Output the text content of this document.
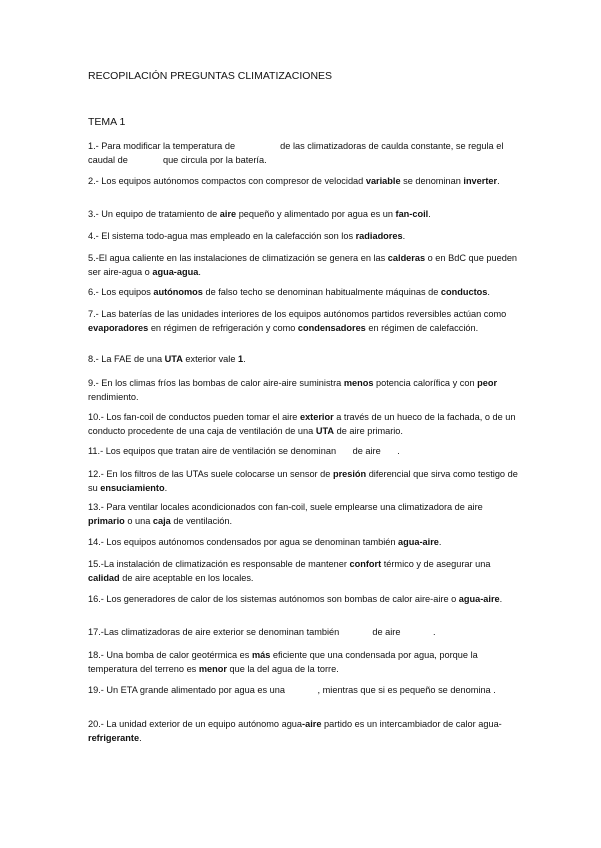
RECOPILACIÓN PREGUNTAS CLIMATIZACIONES
TEMA 1

1.- Para modificar la temperatura de	de las climatizadoras de caulda constante, se regula el caudal de	que circula por la batería.

2.- Los equipos autónomos compactos con compresor de velocidad variable se denominan inverter.

3.- Un equipo de tratamiento de aire pequeño y alimentado por agua es un fan-coil.

4.- El sistema todo-agua mas empleado en la calefacción son los radiadores.

5.-El agua caliente en las instalaciones de climatización se genera en las calderas o en BdC que pueden ser aire-agua o agua-agua.

6.- Los equipos autónomos de falso techo se denominan habitualmente máquinas de conductos.

7.- Las baterías de las unidades interiores de los equipos autónomos partidos reversibles actúan como evaporadores en régimen de refrigeración y como condensadores en régimen de calefacción.

8.- La FAE de una UTA exterior vale 1.

9.- En los climas fríos las bombas de calor aire-aire suministra menos potencia calorífica y con peor rendimiento.

10.- Los fan-coil de conductos pueden tomar el aire exterior a través de un hueco de la fachada, o de un conducto procedente de una caja de ventilación de una UTA de aire primario.

11.- Los equipos que tratan aire de ventilación se denominan de aire .

12.- En los filtros de las UTAs suele colocarse un sensor de presión diferencial que sirva como testigo de su ensuciamiento.

13.- Para ventilar locales acondicionados con fan-coil, suele emplearse una climatizadora de aire primario o una caja de ventilación.

14.- Los equipos autónomos condensados por agua se denominan también agua-aire.

15.-La instalación de climatización es responsable de mantener confort térmico y de asegurar una calidad de aire aceptable en los locales.

16.- Los generadores de calor de los sistemas autónomos son bombas de calor aire-aire o agua-aire.

17.-Las climatizadoras de aire exterior se denominan también	de aire	.

18.- Una bomba de calor geotérmica es más eficiente que una condensada por agua, porque la temperatura del terreno es menor que la del agua de la torre.

19.- Un ETA grande alimentado por agua es una	, mientras que si es pequeño se denomina .

20.- La unidad exterior de un equipo autónomo agua-aire partido es un intercambiador de calor agua-refrigerante.
